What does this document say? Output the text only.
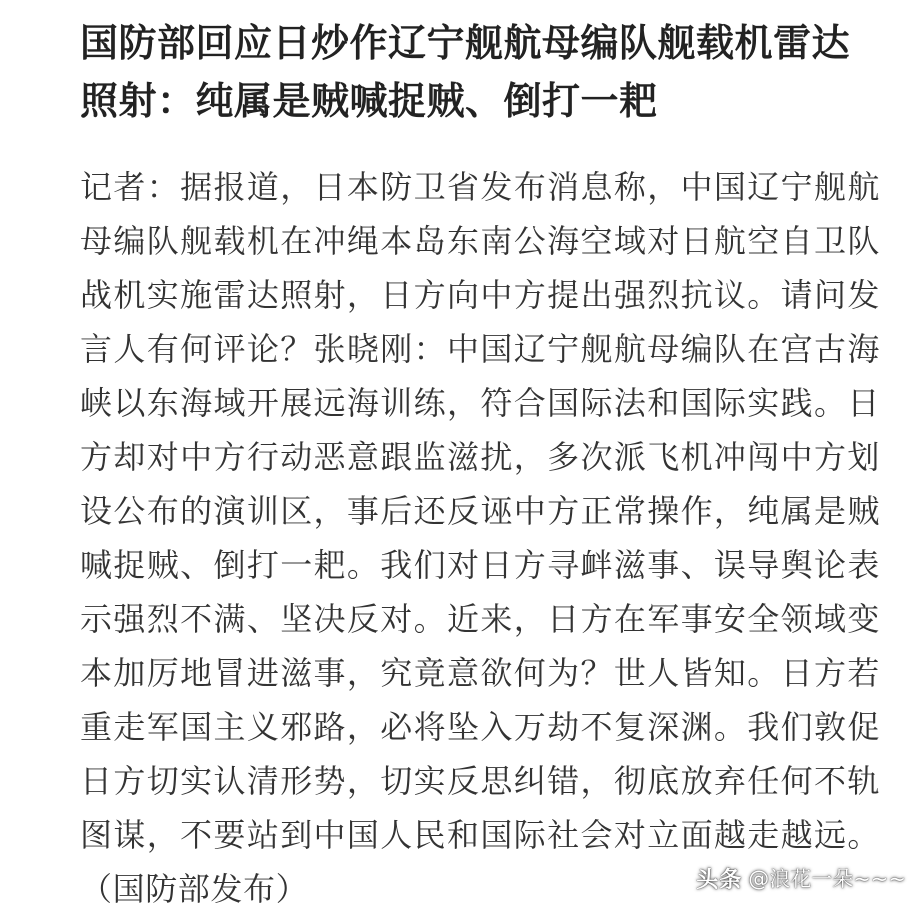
国防部回应日炒作辽宁舰航母编队舰载机雷达照射：纯属是贼喊捉贼、倒打一耙

记者：据报道，日本防卫省发布消息称，中国辽宁舰航母编队舰载机在冲绳本岛东南公海空域对日航空自卫队战机实施雷达照射，日方向中方提出强烈抗议。请问发言人有何评论？张晓刚：中国辽宁舰航母编队在宫古海峡以东海域开展远海训练，符合国际法和国际实践。日方却对中方行动恶意跟监滋扰，多次派飞机冲闯中方划设公布的演训区，事后还反诬中方正常操作，纯属是贼喊捉贼、倒打一耙。我们对日方寻衅滋事、误导舆论表示强烈不满、坚决反对。近来，日方在军事安全领域变本加厉地冒进滋事，究竟意欲何为？世人皆知。日方若重走军国主义邪路，必将坠入万劫不复深渊。我们敦促日方切实认清形势，切实反思纠错，彻底放弃任何不轨图谋，不要站到中国人民和国际社会对立面越走越远。（国防部发布）	头条 @浪花一朵~~~
